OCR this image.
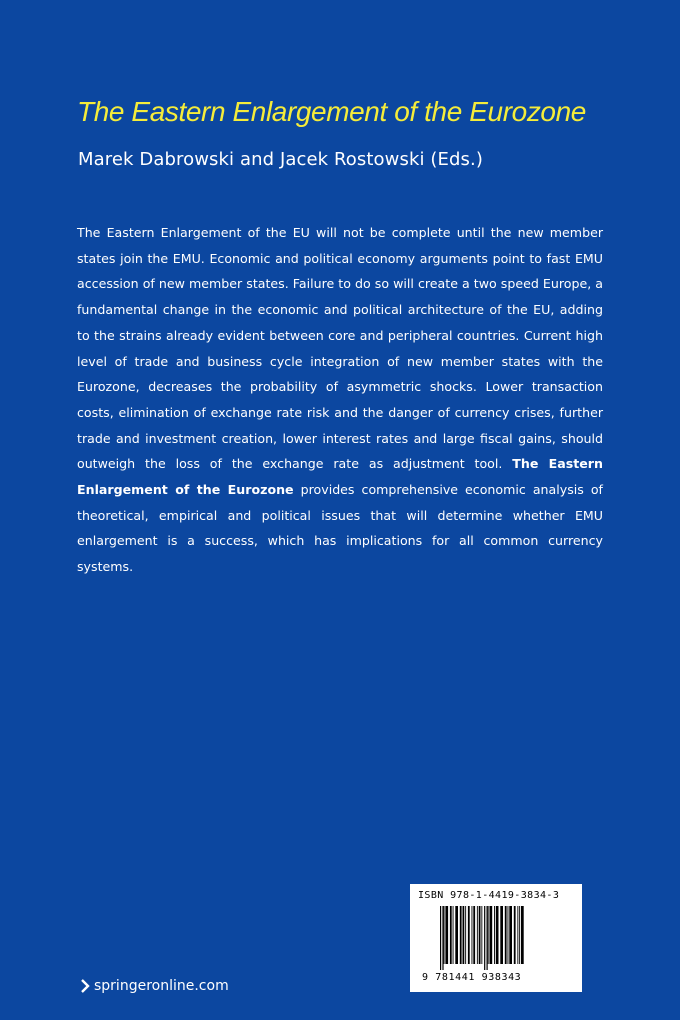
The Eastern Enlargement of the Eurozone

Marek Dabrowski and Jacek Rostowski (Eds.)

The Eastern Enlargement of the EU will not be complete until the new member states join the EMU. Economic and political economy arguments point to fast EMU accession of new member states. Failure to do so will create a two speed Europe, a fundamental change in the economic and political architecture of the EU, adding to the strains already evident between core and peripheral countries. Current high level of trade and business cycle integration of new member states with the Eurozone, decreases the probability of asymmetric shocks. Lower transaction costs, elimination of exchange rate risk and the danger of currency crises, further trade and investment creation, lower interest rates and large fiscal gains, should outweigh the loss of the exchange rate as adjustment tool. The Eastern Enlargement of the Eurozone provides comprehensive economic analysis of theoretical, empirical and political issues that will determine whether EMU enlargement is a success, which has implications for all common currency systems.

ISBN 978-1-4419-3834-3
9 781441 938343
springeronline.com
